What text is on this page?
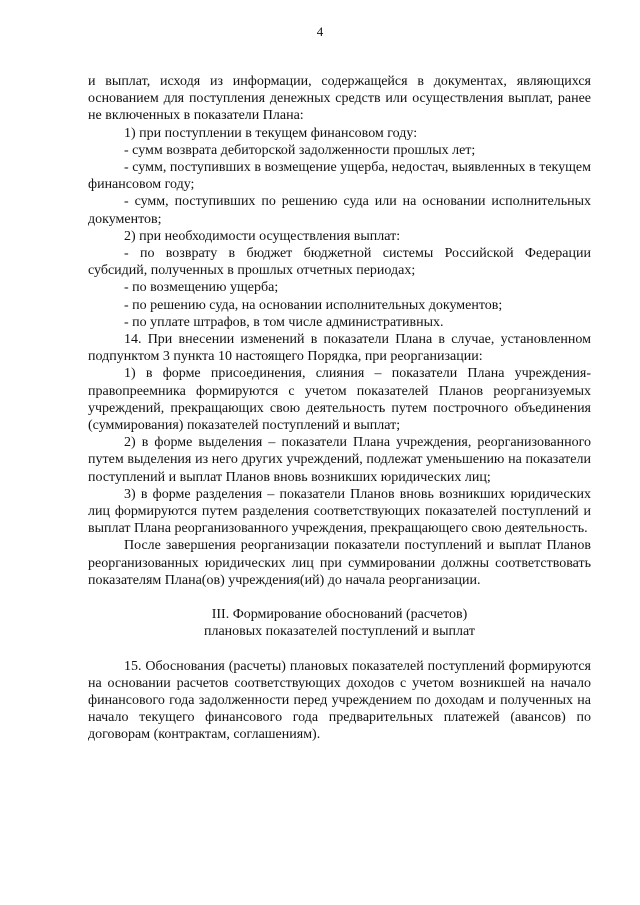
4

и выплат, исходя из информации, содержащейся в документах, являющихся основанием для поступления денежных средств или осуществления выплат, ранее не включенных в показатели Плана:

1) при поступлении в текущем финансовом году:

- сумм возврата дебиторской задолженности прошлых лет;

- сумм, поступивших в возмещение ущерба, недостач, выявленных в текущем финансовом году;

- сумм, поступивших по решению суда или на основании исполнительных документов;

2) при необходимости осуществления выплат:

- по возврату в бюджет бюджетной системы Российской Федерации субсидий, полученных в прошлых отчетных периодах;

- по возмещению ущерба;

- по решению суда, на основании исполнительных документов;

- по уплате штрафов, в том числе административных.

14. При внесении изменений в показатели Плана в случае, установленном подпунктом 3 пункта 10 настоящего Порядка, при реорганизации:

1) в форме присоединения, слияния – показатели Плана учреждения-правопреемника формируются с учетом показателей Планов реорганизуемых учреждений, прекращающих свою деятельность путем построчного объединения (суммирования) показателей поступлений и выплат;

2) в форме выделения – показатели Плана учреждения, реорганизованного путем выделения из него других учреждений, подлежат уменьшению на показатели поступлений и выплат Планов вновь возникших юридических лиц;

3) в форме разделения – показатели Планов вновь возникших юридических лиц формируются путем разделения соответствующих показателей поступлений и выплат Плана реорганизованного учреждения, прекращающего свою деятельность.

После завершения реорганизации показатели поступлений и выплат Планов реорганизованных юридических лиц при суммировании должны соответствовать показателям Плана(ов) учреждения(ий) до начала реорганизации.

III. Формирование обоснований (расчетов)

плановых показателей поступлений и выплат

15. Обоснования (расчеты) плановых показателей поступлений формируются на основании расчетов соответствующих доходов с учетом возникшей на начало финансового года задолженности перед учреждением по доходам и полученных на начало текущего финансового года предварительных платежей (авансов) по договорам (контрактам, соглашениям).
